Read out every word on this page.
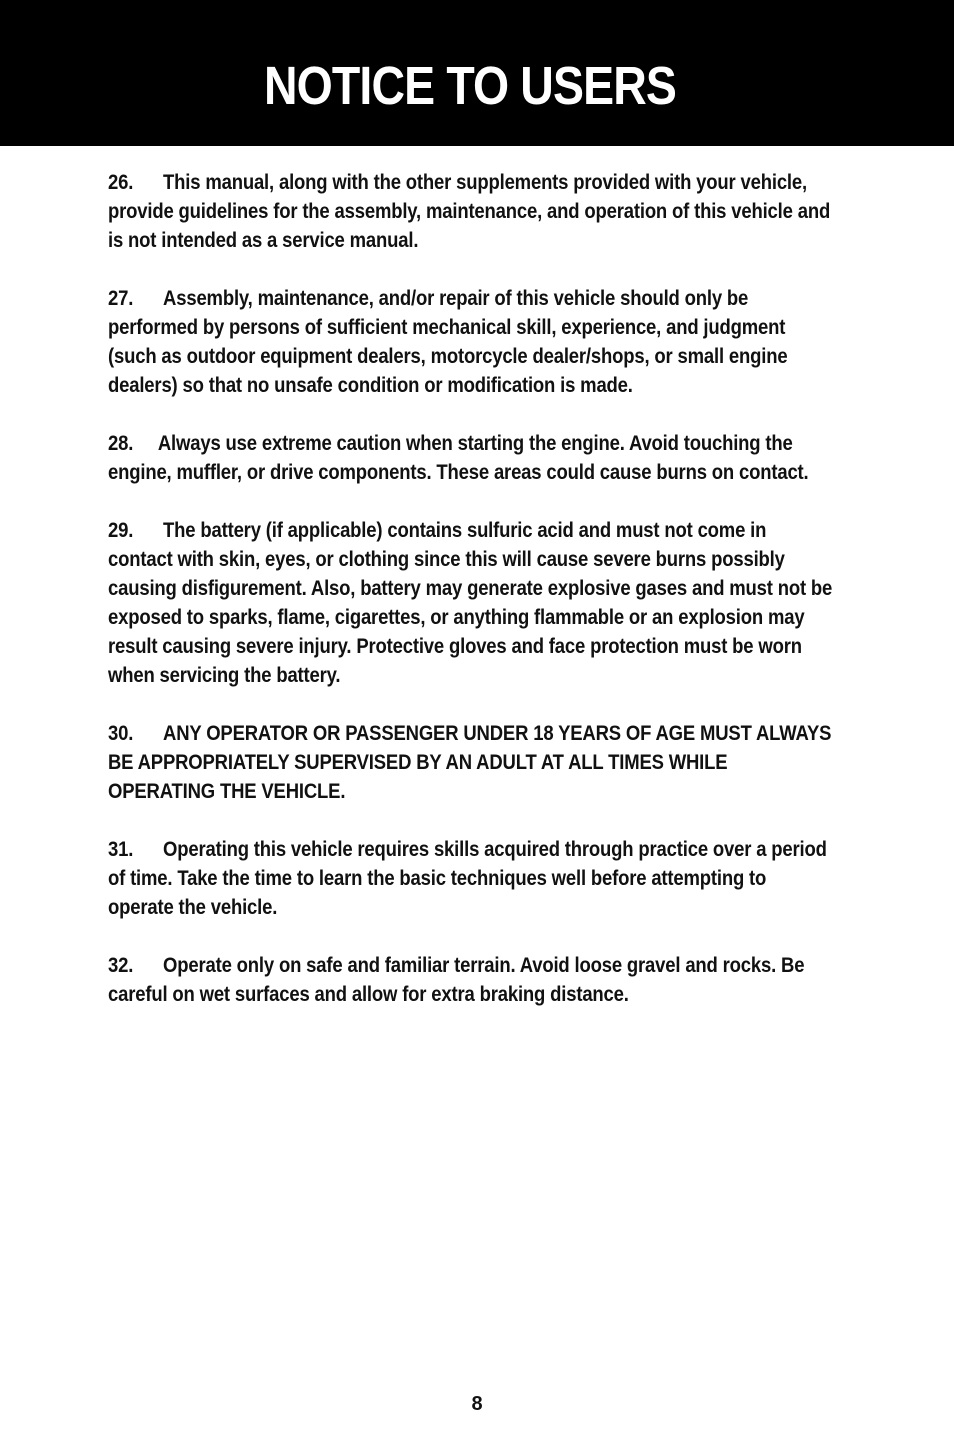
NOTICE TO USERS

26. This manual, along with the other supplements provided with your vehicle, provide guidelines for the assembly, maintenance, and operation of this vehicle and is not intended as a service manual.

27. Assembly, maintenance, and/or repair of this vehicle should only be performed by persons of sufficient mechanical skill, experience, and judgment (such as outdoor equipment dealers, motorcycle dealer/shops, or small engine dealers) so that no unsafe condition or modification is made.

28. Always use extreme caution when starting the engine. Avoid touching the engine, muffler, or drive components. These areas could cause burns on contact.

29. The battery (if applicable) contains sulfuric acid and must not come in contact with skin, eyes, or clothing since this will cause severe burns possibly causing disfigurement. Also, battery may generate explosive gases and must not be exposed to sparks, flame, cigarettes, or anything flammable or an explosion may result causing severe injury. Protective gloves and face protection must be worn when servicing the battery.

30. ANY OPERATOR OR PASSENGER UNDER 18 YEARS OF AGE MUST ALWAYS BE APPROPRIATELY SUPERVISED BY AN ADULT AT ALL TIMES WHILE OPERATING THE VEHICLE.

31. Operating this vehicle requires skills acquired through practice over a period of time. Take the time to learn the basic techniques well before attempting to operate the vehicle.

32. Operate only on safe and familiar terrain. Avoid loose gravel and rocks. Be careful on wet surfaces and allow for extra braking distance.

8
